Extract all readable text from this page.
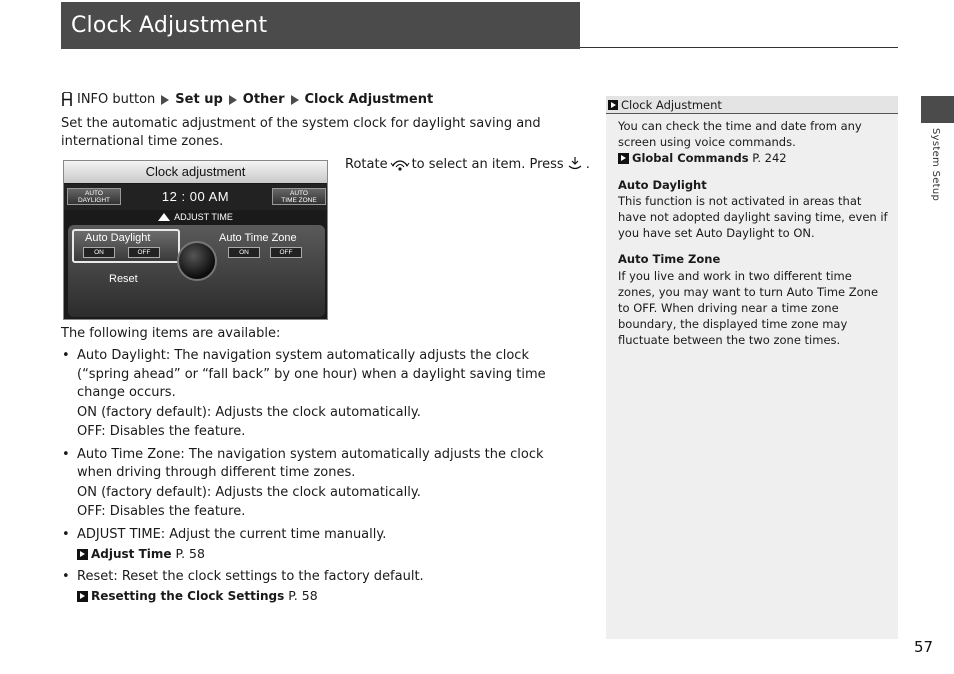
Clock Adjustment
INFO button Set up Other Clock Adjustment

Set the automatic adjustment of the system clock for daylight saving and international time zones.

Clock adjustment
AUTO
DAYLIGHT	12 : 00 AM	AUTO
TIME ZONE
ADJUST TIME
Auto Daylight
ON	OFF
Auto Time Zone
ON	OFF
Reset
Rotate to select an item. Press .

The following items are available:

• Auto Daylight: The navigation system automatically adjusts the clock (“spring ahead” or “fall back” by one hour) when a daylight saving time change occurs.
ON (factory default): Adjusts the clock automatically.
OFF: Disables the feature.
• Auto Time Zone: The navigation system automatically adjusts the clock when driving through different time zones.
ON (factory default): Adjusts the clock automatically.
OFF: Disables the feature.
• ADJUST TIME: Adjust the current time manually.
Adjust Time
P. 58
• Reset: Reset the clock settings to the factory default.
Resetting the Clock Settings
P. 58
Clock Adjustment

You can check the time and date from any screen using voice commands.
Global Commands
P. 242

Auto Daylight
This function is not activated in areas that have not adopted daylight saving time, even if you have set Auto Daylight to ON.

Auto Time Zone
If you live and work in two different time zones, you may want to turn Auto Time Zone to OFF. When driving near a time zone boundary, the displayed time zone may fluctuate between the two zone times.

System Setup
57
